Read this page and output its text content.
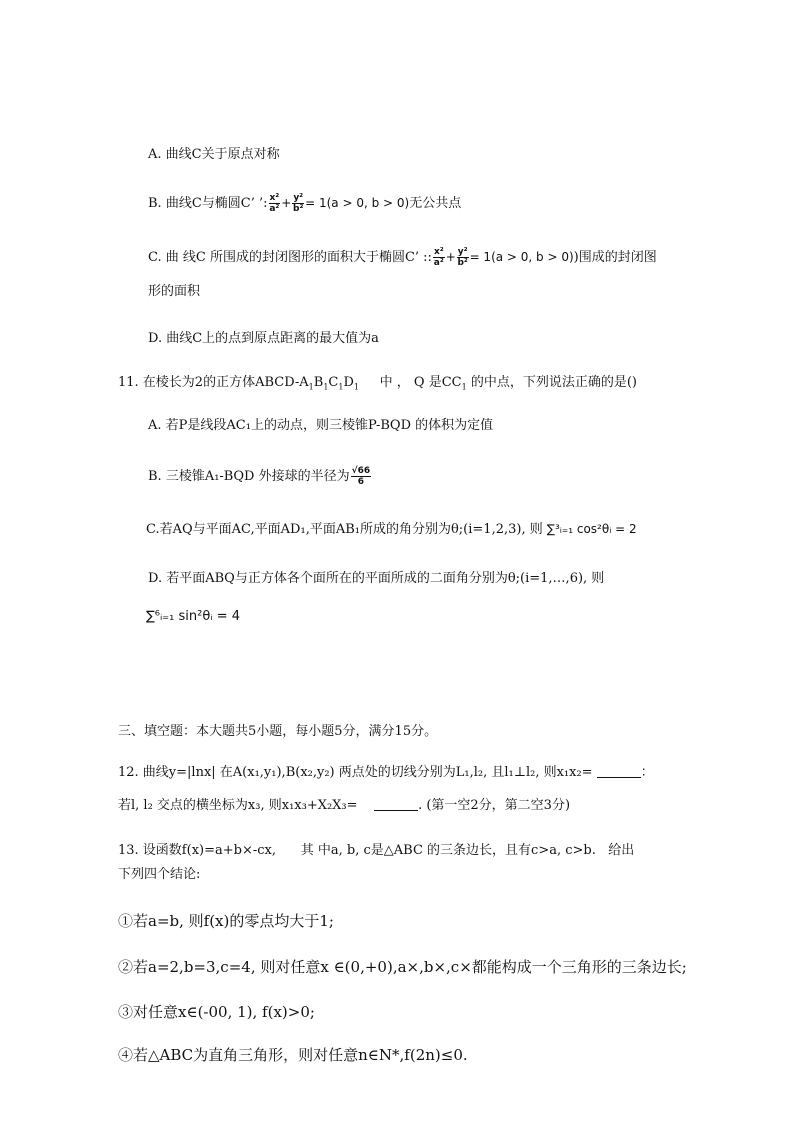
A. 曲线C关于原点对称
B. 曲线C与椭圆C’ ’: $\frac{\text{x²}}{\text{a²}} + \frac{\text{y²}}{\text{b²}} = 1(a > 0$, b > 0)无公共点
C. 曲 线C 所围成的封闭图形的面积大于椭圆C’ :: $\frac{\text{x²}}{\text{a²}} + \frac{\text{y²}}{\text{b²}} = 1(a > 0$, b > 0))围成的封闭图
形的面积
D. 曲线C上的点到原点距离的最大值为a
11. 在棱长为2的正方体ABCD-$A_1B_1C_1D_1$ 中 ， Q 是$CC_1$ 的中点，下列说法正确的是()
A. 若P是线段AC₁上的动点，则三棱锥P-BQD 的体积为定值
B. 三棱锥A₁-BQD 外接球的半径为 $\frac{√66}{6}$
C.若AQ与平面AC,平面AD₁,平面AB₁所成的角分别为θ;(i=1,2,3), 则 ∑³ᵢ₌₁ cos²θᵢ = 2
D. 若平面ABQ与正方体各个面所在的平面所成的二面角分别为θ;(i=1,…,6), 则
∑⁶ᵢ₌₁ sin²θᵢ = 4
三、填空题：本大题共5小题，每小题5分，满分15分。
12. 曲线y=|lnx| 在A(x₁,y₁),B(x₂,y₂) 两点处的切线分别为L₁,l₂, 且l₁⊥l₂, 则x₁x₂=	：
若l, l₂ 交点的横坐标为x₃, 则x₁x₃+X₂X₃=	. (第一空2分，第二空3分)
13. 设函数f(x)=a+b×-cx,      其 中a, b, c是△ABC 的三条边长，且有c>a, c>b.   给出
下列四个结论:
①若a=b, 则f(x)的零点均大于1;
②若a=2,b=3,c=4, 则对任意x ∈(0,+0),a×,b×,c×都能构成一个三角形的三条边长;
③对任意x∈(-00, 1), f(x)>0;
④若△ABC为直角三角形，则对任意n∈N*,f(2n)≤0.
